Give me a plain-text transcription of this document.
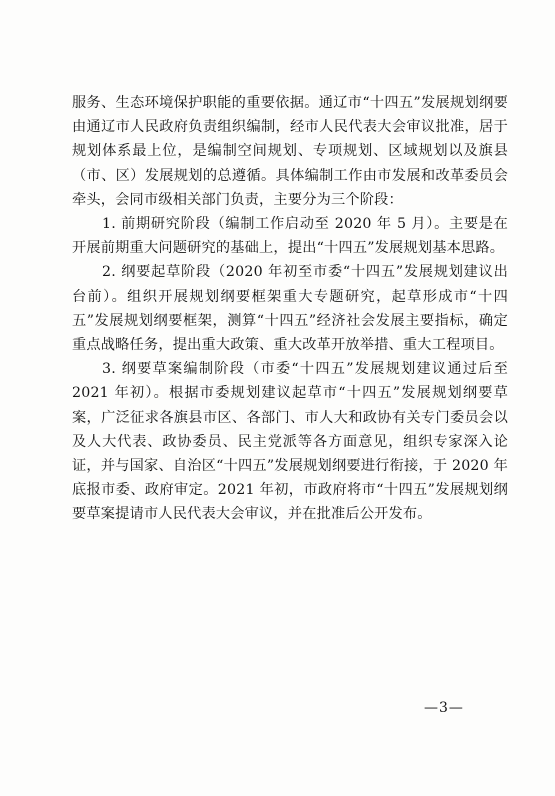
服务、生态环境保护职能的重要依据。通辽市“十四五”发展规划纲要由通辽市人民政府负责组织编制，经市人民代表大会审议批准，居于规划体系最上位，是编制空间规划、专项规划、区域规划以及旗县（市、区）发展规划的总遵循。具体编制工作由市发展和改革委员会牵头，会同市级相关部门负责，主要分为三个阶段：

1. 前期研究阶段（编制工作启动至 2020 年 5 月）。主要是在开展前期重大问题研究的基础上，提出“十四五”发展规划基本思路。

2. 纲要起草阶段（2020 年初至市委“十四五”发展规划建议出台前）。组织开展规划纲要框架重大专题研究，起草形成市“十四五”发展规划纲要框架，测算“十四五”经济社会发展主要指标，确定重点战略任务，提出重大政策、重大改革开放举措、重大工程项目。

3. 纲要草案编制阶段（市委“十四五”发展规划建议通过后至 2021 年初）。根据市委规划建议起草市“十四五”发展规划纲要草案，广泛征求各旗县市区、各部门、市人大和政协有关专门委员会以及人大代表、政协委员、民主党派等各方面意见，组织专家深入论证，并与国家、自治区“十四五”发展规划纲要进行衔接，于 2020 年底报市委、政府审定。2021 年初，市政府将市“十四五”发展规划纲要草案提请市人民代表大会审议，并在批准后公开发布。

—3—
